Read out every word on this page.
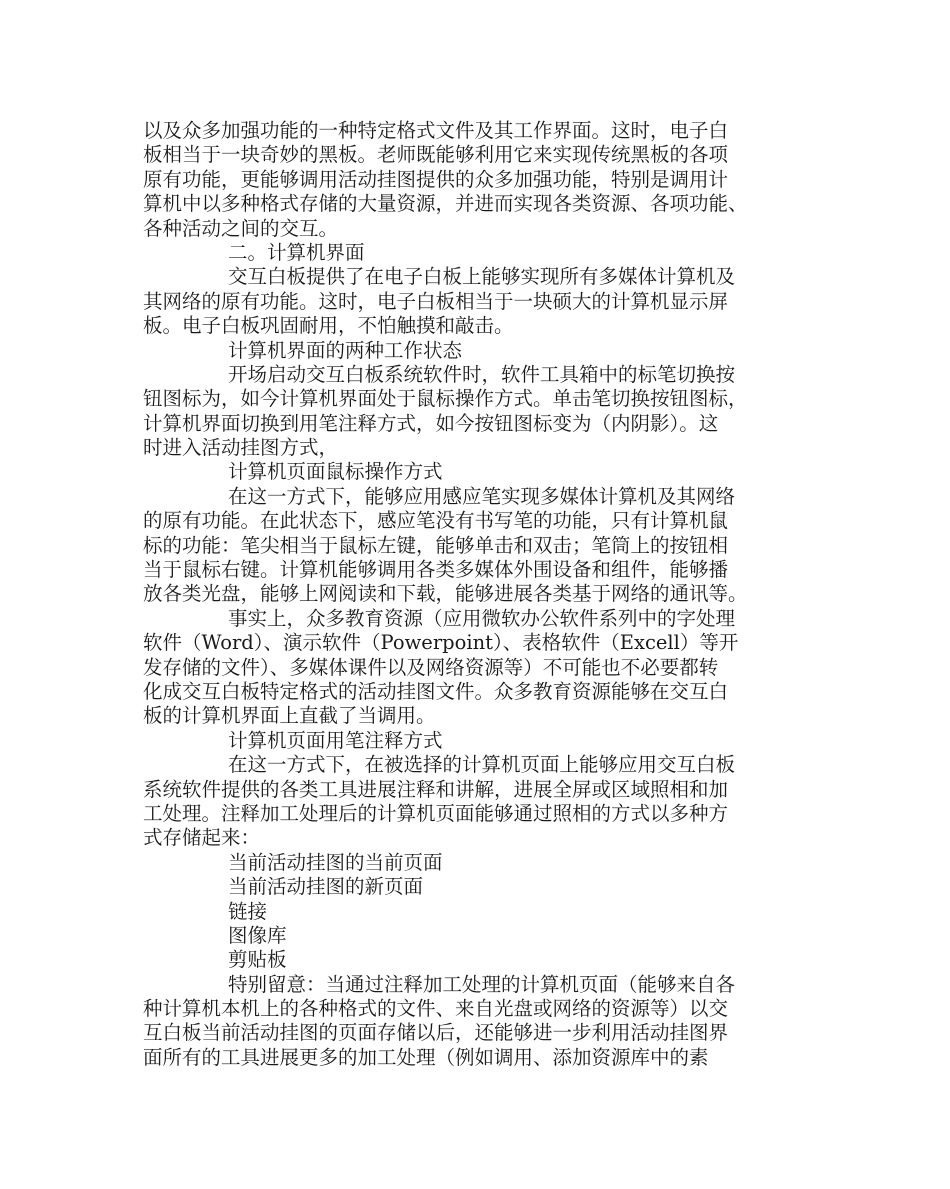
以及众多加强功能的一种特定格式文件及其工作界面。这时，电子白
板相当于一块奇妙的黑板。老师既能够利用它来实现传统黑板的各项
原有功能，更能够调用活动挂图提供的众多加强功能，特别是调用计
算机中以多种格式存储的大量资源，并进而实现各类资源、各项功能、
各种活动之间的交互。
二。计算机界面
交互白板提供了在电子白板上能够实现所有多媒体计算机及
其网络的原有功能。这时，电子白板相当于一块硕大的计算机显示屏
板。电子白板巩固耐用，不怕触摸和敲击。
计算机界面的两种工作状态
开场启动交互白板系统软件时，软件工具箱中的标笔切换按
钮图标为，如今计算机界面处于鼠标操作方式。单击笔切换按钮图标，
计算机界面切换到用笔注释方式，如今按钮图标变为（内阴影）。这
时进入活动挂图方式，
计算机页面鼠标操作方式
在这一方式下，能够应用感应笔实现多媒体计算机及其网络
的原有功能。在此状态下，感应笔没有书写笔的功能，只有计算机鼠
标的功能：笔尖相当于鼠标左键，能够单击和双击；笔筒上的按钮相
当于鼠标右键。计算机能够调用各类多媒体外围设备和组件，能够播
放各类光盘，能够上网阅读和下载，能够进展各类基于网络的通讯等。
事实上，众多教育资源（应用微软办公软件系列中的字处理
软件（Word）、演示软件（Powerpoint）、表格软件（Excell）等开
发存储的文件）、多媒体课件以及网络资源等）不可能也不必要都转
化成交互白板特定格式的活动挂图文件。众多教育资源能够在交互白
板的计算机界面上直截了当调用。
计算机页面用笔注释方式
在这一方式下，在被选择的计算机页面上能够应用交互白板
系统软件提供的各类工具进展注释和讲解，进展全屏或区域照相和加
工处理。注释加工处理后的计算机页面能够通过照相的方式以多种方
式存储起来：
当前活动挂图的当前页面
当前活动挂图的新页面
链接
图像库
剪贴板
特别留意：当通过注释加工处理的计算机页面（能够来自各
种计算机本机上的各种格式的文件、来自光盘或网络的资源等）以交
互白板当前活动挂图的页面存储以后，还能够进一步利用活动挂图界
面所有的工具进展更多的加工处理（例如调用、添加资源库中的素
